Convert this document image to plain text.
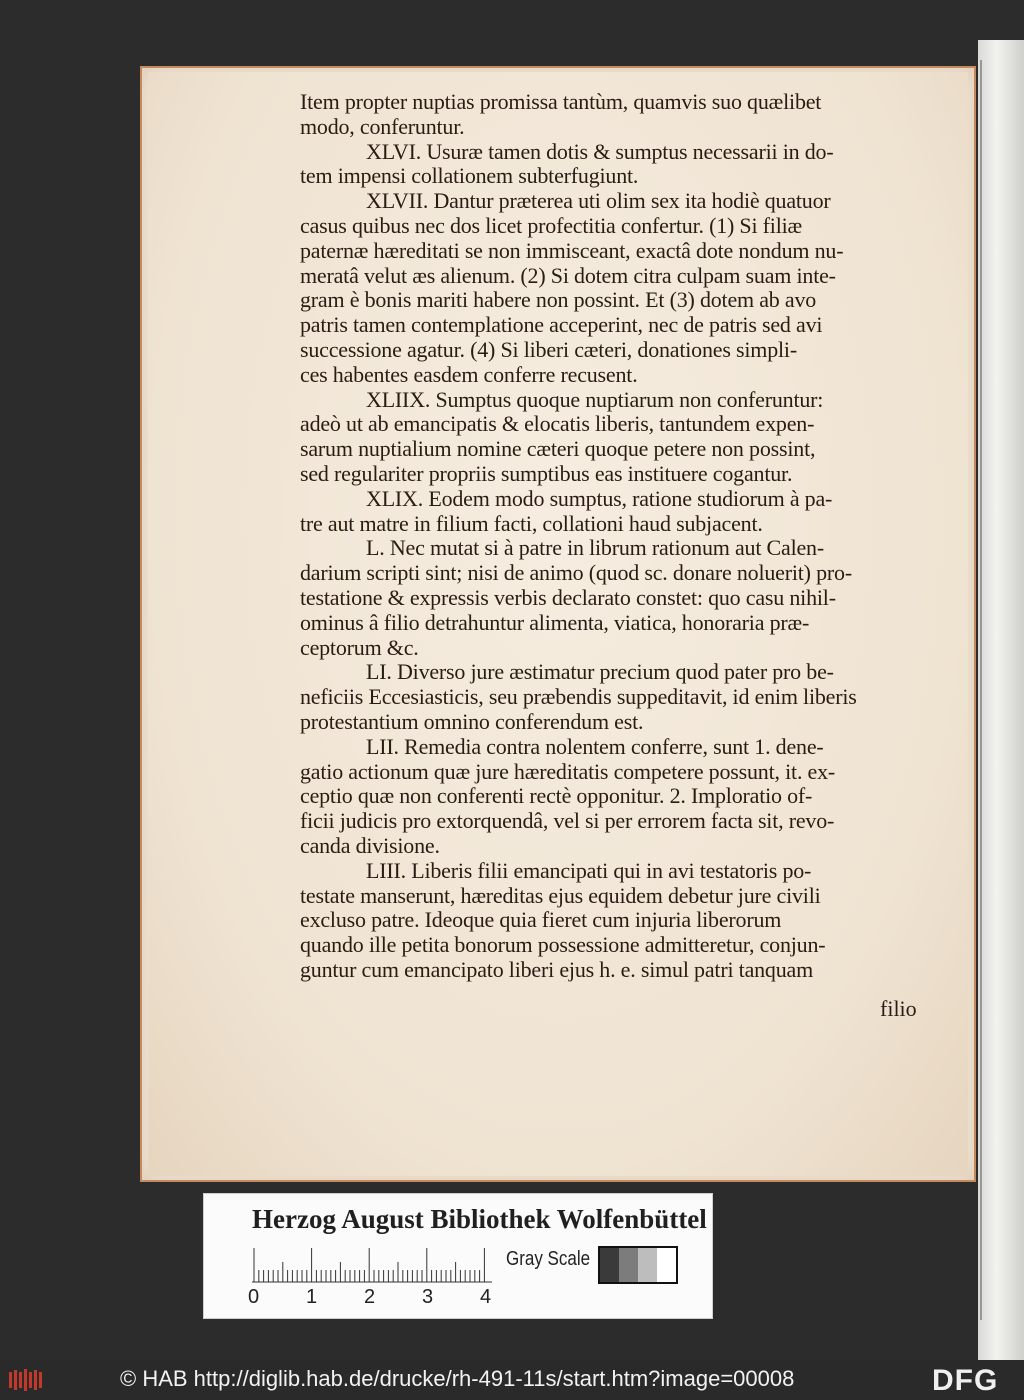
Item propter nuptias promissa tantùm, quamvis suo quælibet
modo, conferuntur.
XLVI. Usuræ tamen dotis & sumptus necessarii in do-
tem impensi collationem subterfugiunt.
XLVII. Dantur præterea uti olim sex ita hodiè quatuor
casus quibus nec dos licet profectitia confertur. (1) Si filiæ
paternæ hæreditati se non immisceant, exactâ dote nondum nu-
meratâ velut æs alienum. (2) Si dotem citra culpam suam inte-
gram è bonis mariti habere non possint. Et (3) dotem ab avo
patris tamen contemplatione acceperint, nec de patris sed avi
successione agatur. (4) Si liberi cæteri, donationes simpli-
ces habentes easdem conferre recusent.
XLIIX. Sumptus quoque nuptiarum non conferuntur:
adeò ut ab emancipatis & elocatis liberis, tantundem expen-
sarum nuptialium nomine cæteri quoque petere non possint,
sed regulariter propriis sumptibus eas instituere cogantur.
XLIX. Eodem modo sumptus, ratione studiorum à pa-
tre aut matre in filium facti, collationi haud subjacent.
L. Nec mutat si à patre in librum rationum aut Calen-
darium scripti sint; nisi de animo (quod sc. donare noluerit) pro-
testatione & expressis verbis declarato constet: quo casu nihil-
ominus â filio detrahuntur alimenta, viatica, honoraria præ-
ceptorum &c.
LI. Diverso jure æstimatur precium quod pater pro be-
neficiis Eccesiasticis, seu præbendis suppeditavit, id enim liberis
protestantium omnino conferendum est.
LII. Remedia contra nolentem conferre, sunt 1. dene-
gatio actionum quæ jure hæreditatis competere possunt, it. ex-
ceptio quæ non conferenti rectè opponitur. 2. Imploratio of-
ficii judicis pro extorquendâ, vel si per errorem facta sit, revo-
canda divisione.
LIII. Liberis filii emancipati qui in avi testatoris po-
testate manserunt, hæreditas ejus equidem debetur jure civili
excluso patre. Ideoque quia fieret cum injuria liberorum
quando ille petita bonorum possessione admitteretur, conjun-
guntur cum emancipato liberi ejus h. e. simul patri tanquam
filio
Herzog August Bibliothek Wolfenbüttel
0 1 2 3 4
Gray Scale
© HAB http://diglib.hab.de/drucke/rh-491-11s/start.htm?image=00008	DFG
